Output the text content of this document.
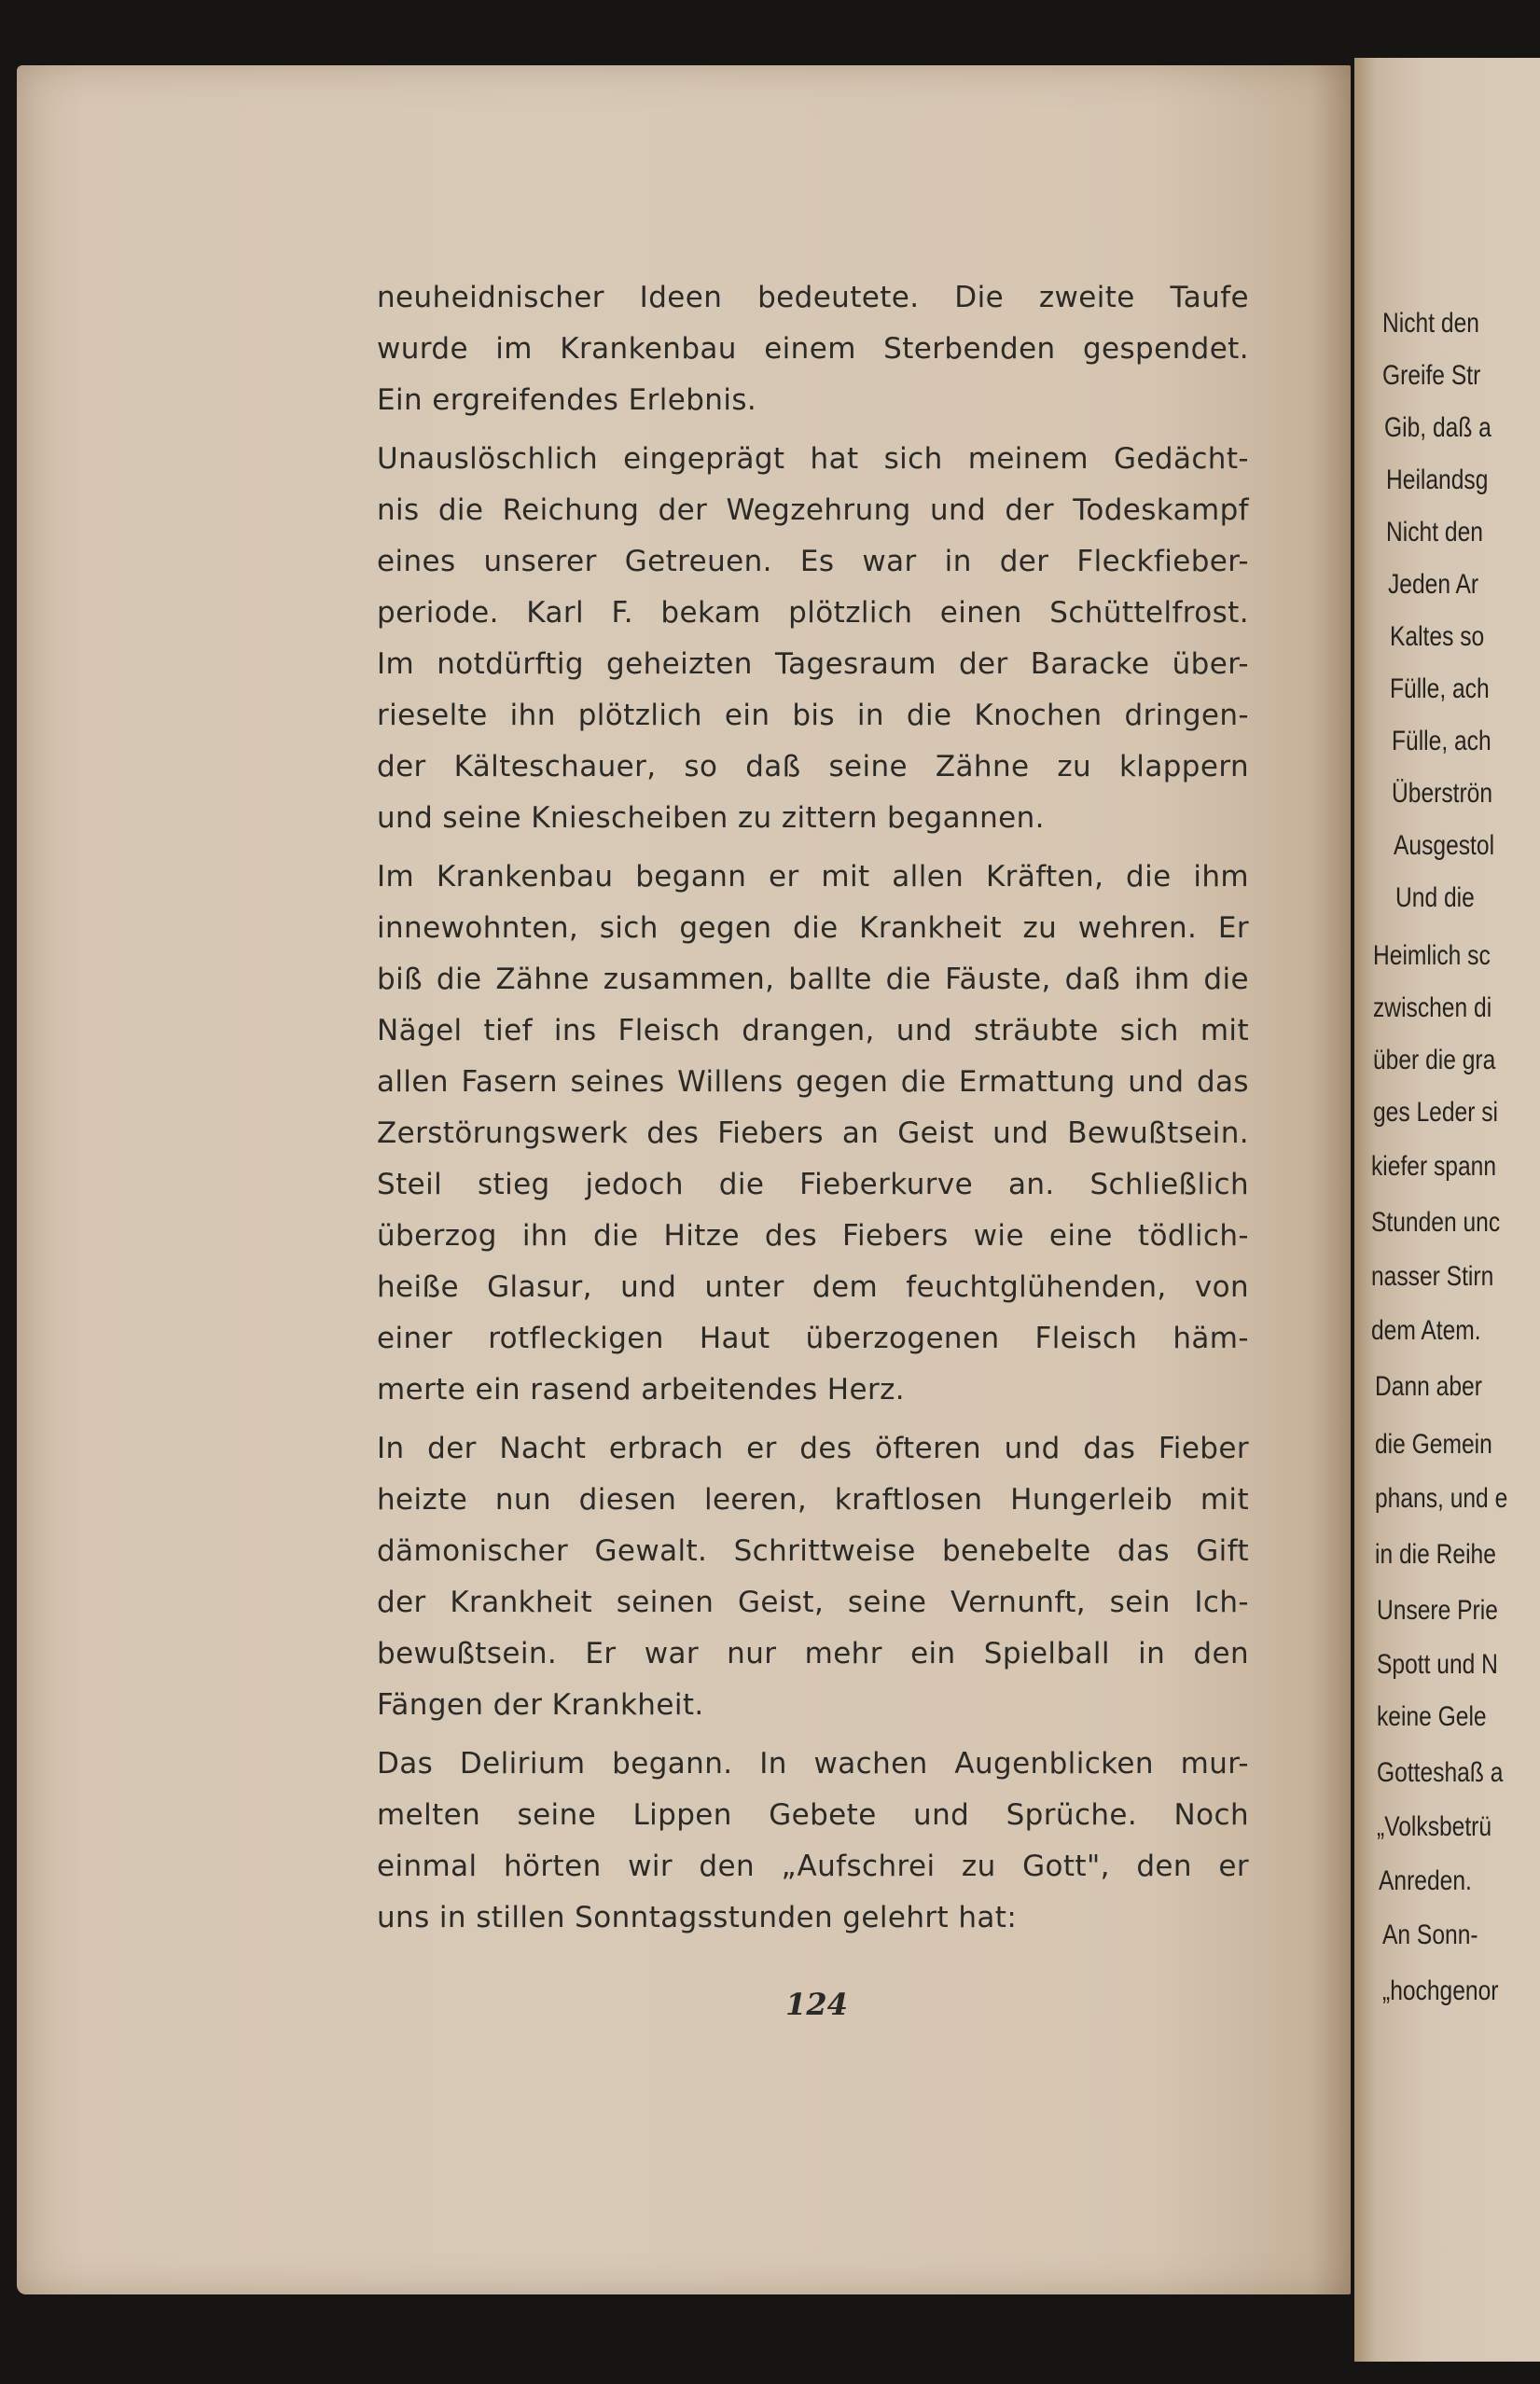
neuheidnischer Ideen bedeutete. Die zweite Taufe
wurde im Krankenbau einem Sterbenden gespendet.
Ein ergreifendes Erlebnis.
Unauslöschlich eingeprägt hat sich meinem Gedächt-
nis die Reichung der Wegzehrung und der Todeskampf
eines unserer Getreuen. Es war in der Fleckfieber-
periode. Karl F. bekam plötzlich einen Schüttelfrost.
Im notdürftig geheizten Tagesraum der Baracke über-
rieselte ihn plötzlich ein bis in die Knochen dringen-
der Kälteschauer, so daß seine Zähne zu klappern
und seine Kniescheiben zu zittern begannen.
Im Krankenbau begann er mit allen Kräften, die ihm
innewohnten, sich gegen die Krankheit zu wehren. Er
biß die Zähne zusammen, ballte die Fäuste, daß ihm die
Nägel tief ins Fleisch drangen, und sträubte sich mit
allen Fasern seines Willens gegen die Ermattung und das
Zerstörungswerk des Fiebers an Geist und Bewußtsein.
Steil stieg jedoch die Fieberkurve an. Schließlich
überzog ihn die Hitze des Fiebers wie eine tödlich-
heiße Glasur, und unter dem feuchtglühenden, von
einer rotfleckigen Haut überzogenen Fleisch häm-
merte ein rasend arbeitendes Herz.
In der Nacht erbrach er des öfteren und das Fieber
heizte nun diesen leeren, kraftlosen Hungerleib mit
dämonischer Gewalt. Schrittweise benebelte das Gift
der Krankheit seinen Geist, seine Vernunft, sein Ich-
bewußtsein. Er war nur mehr ein Spielball in den
Fängen der Krankheit.
Das Delirium begann. In wachen Augenblicken mur-
melten seine Lippen Gebete und Sprüche. Noch
einmal hörten wir den „Aufschrei zu Gott", den er
uns in stillen Sonntagsstunden gelehrt hat:
124
Nicht den
Greife Str
Gib, daß a
Heilandsg
Nicht den
Jeden Ar
Kaltes so
Fülle, ach
Fülle, ach
Überströn
Ausgestol
Und die
Heimlich sc
zwischen di
über die gra
ges Leder si
kiefer spann
Stunden unc
nasser Stirn
dem Atem.
Dann aber
die Gemein
phans, und e
in die Reihe
Unsere Prie
Spott und N
keine Gele
Gotteshaß a
„Volksbetrü
Anreden.
An Sonn-
„hochgenor
